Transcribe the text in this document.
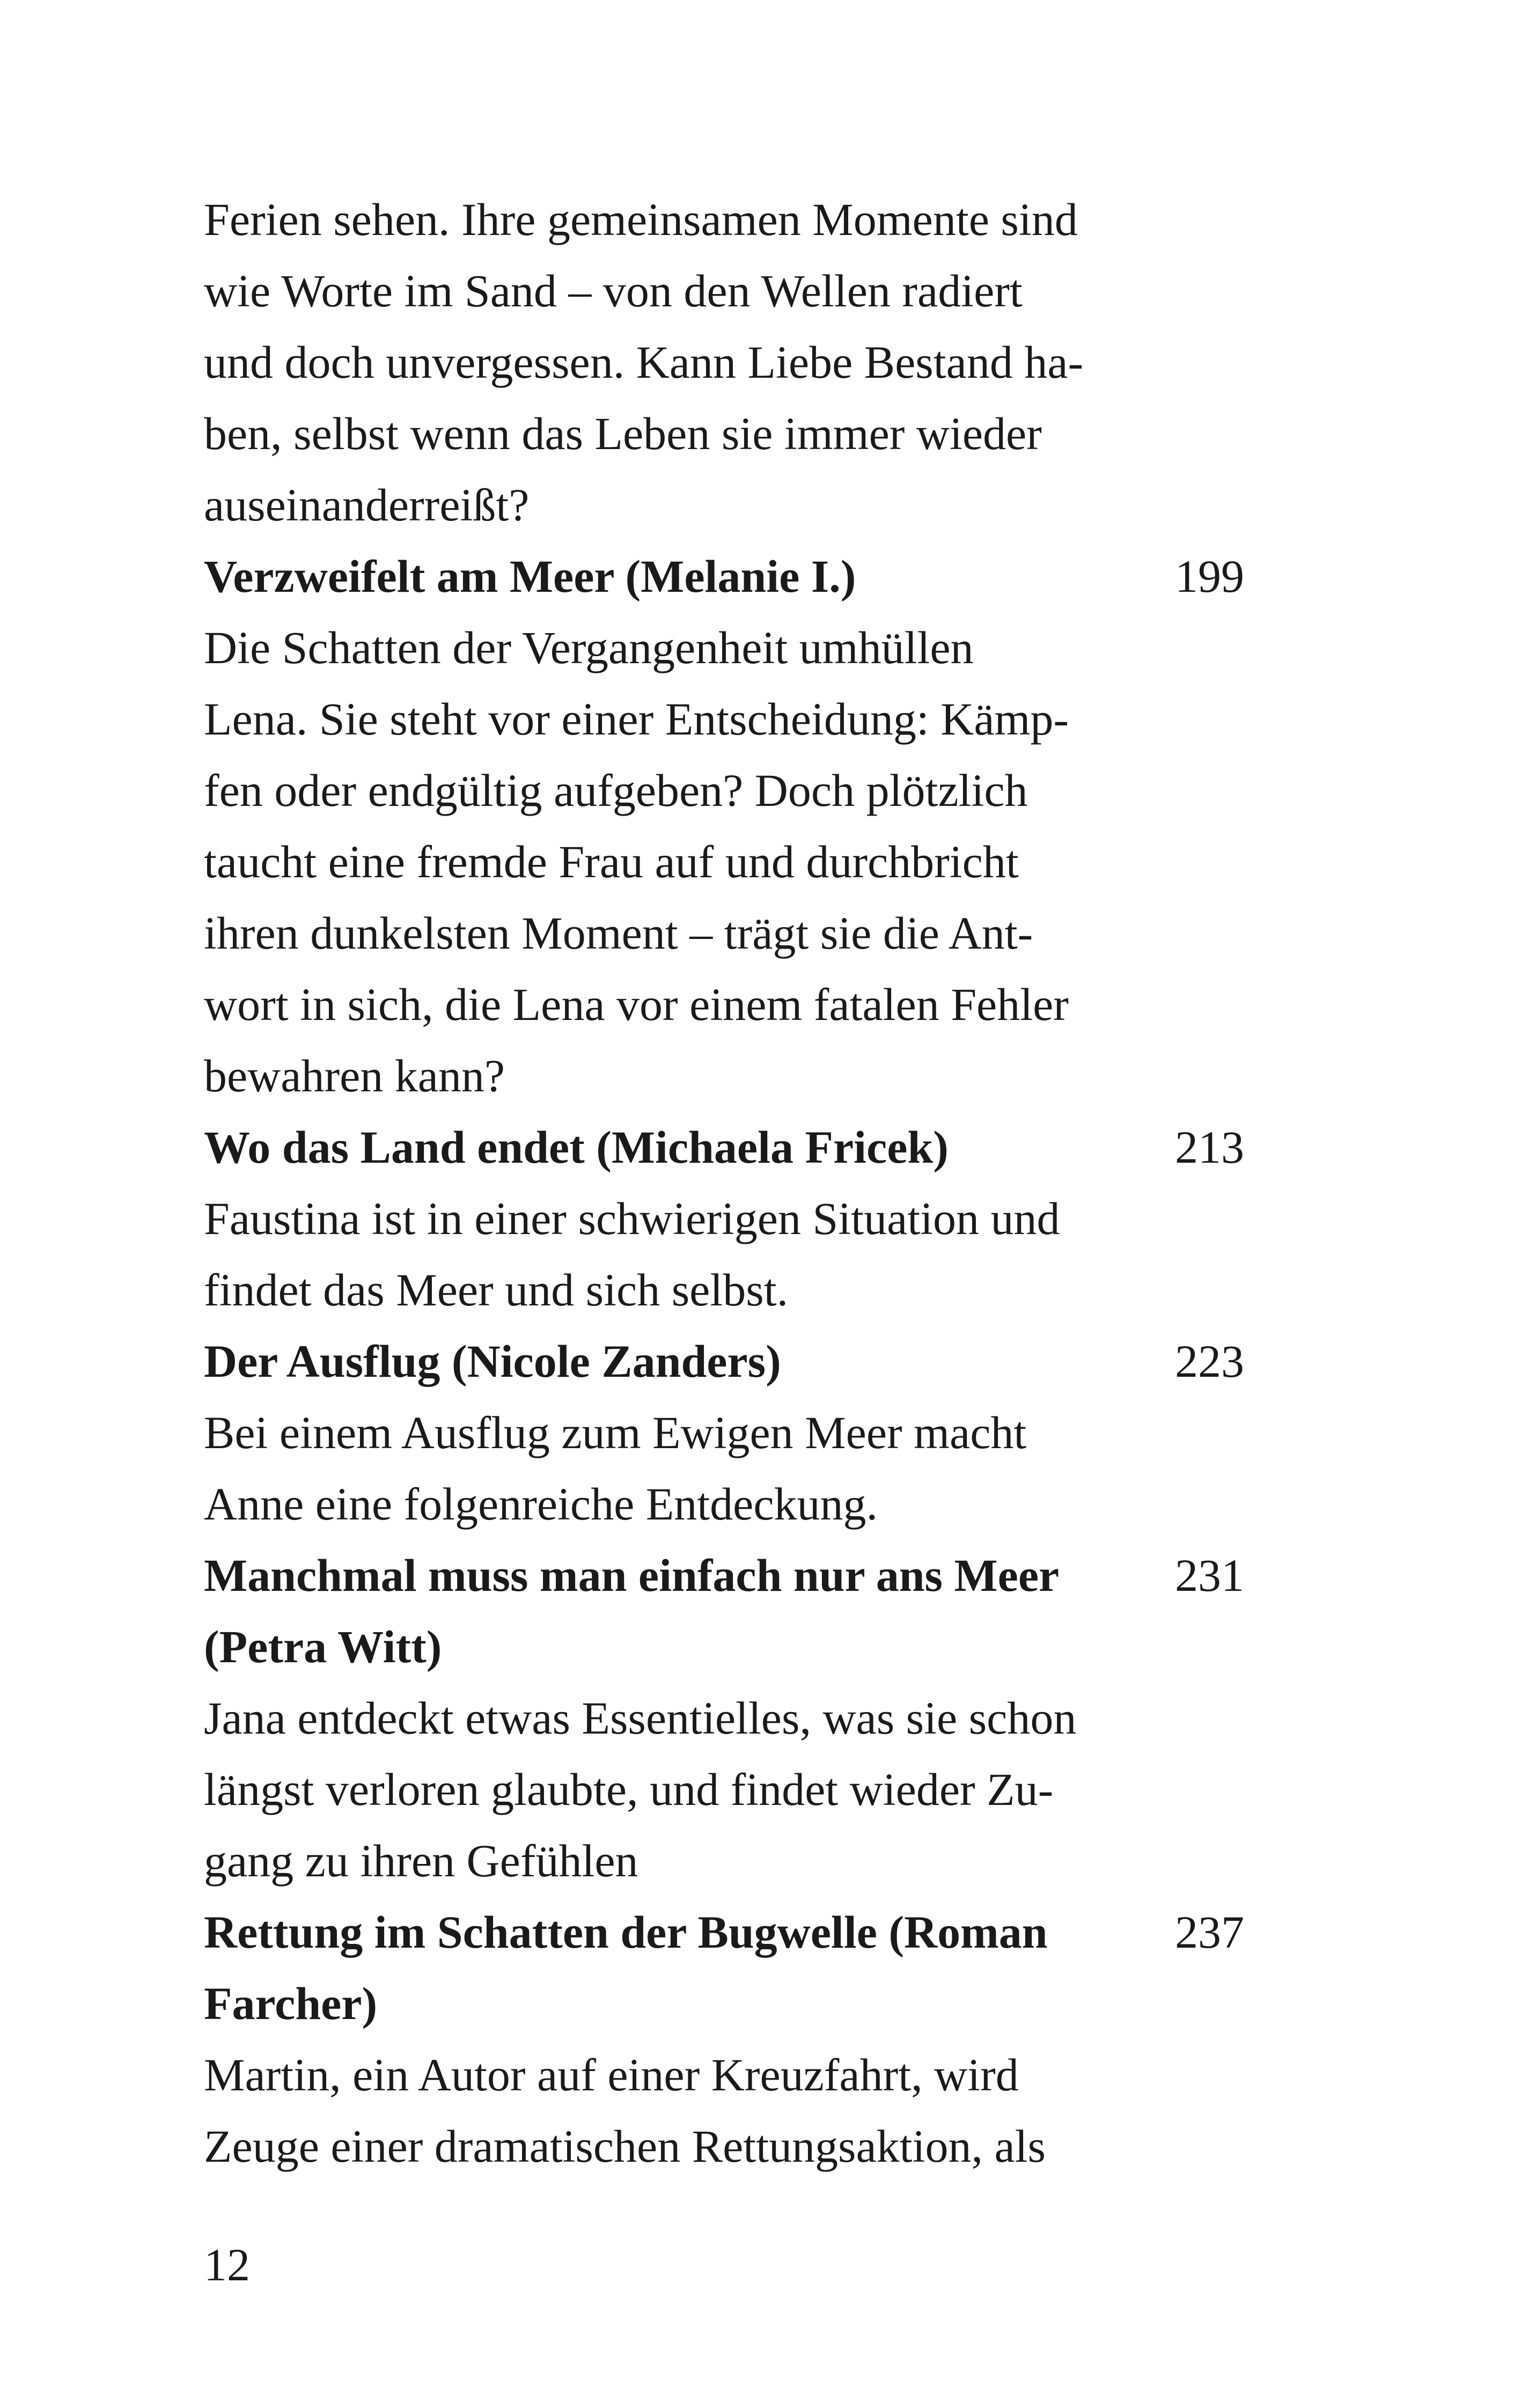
Ferien sehen. Ihre gemeinsamen Momente sind
wie Worte im Sand – von den Wellen radiert
und doch unvergessen. Kann Liebe Bestand ha-
ben, selbst wenn das Leben sie immer wieder
auseinanderreißt?
Verzweifelt am Meer (Melanie I.)	199
Die Schatten der Vergangenheit umhüllen
Lena. Sie steht vor einer Entscheidung: Kämp-
fen oder endgültig aufgeben? Doch plötzlich
taucht eine fremde Frau auf und durchbricht
ihren dunkelsten Moment – trägt sie die Ant-
wort in sich, die Lena vor einem fatalen Fehler
bewahren kann?
Wo das Land endet (Michaela Fricek)	213
Faustina ist in einer schwierigen Situation und
findet das Meer und sich selbst.
Der Ausflug (Nicole Zanders)	223
Bei einem Ausflug zum Ewigen Meer macht
Anne eine folgenreiche Entdeckung.
Manchmal muss man einfach nur ans Meer	231
(Petra Witt)
Jana entdeckt etwas Essentielles, was sie schon
längst verloren glaubte, und findet wieder Zu-
gang zu ihren Gefühlen
Rettung im Schatten der Bugwelle (Roman	237
Farcher)
Martin, ein Autor auf einer Kreuzfahrt, wird
Zeuge einer dramatischen Rettungsaktion, als
12
